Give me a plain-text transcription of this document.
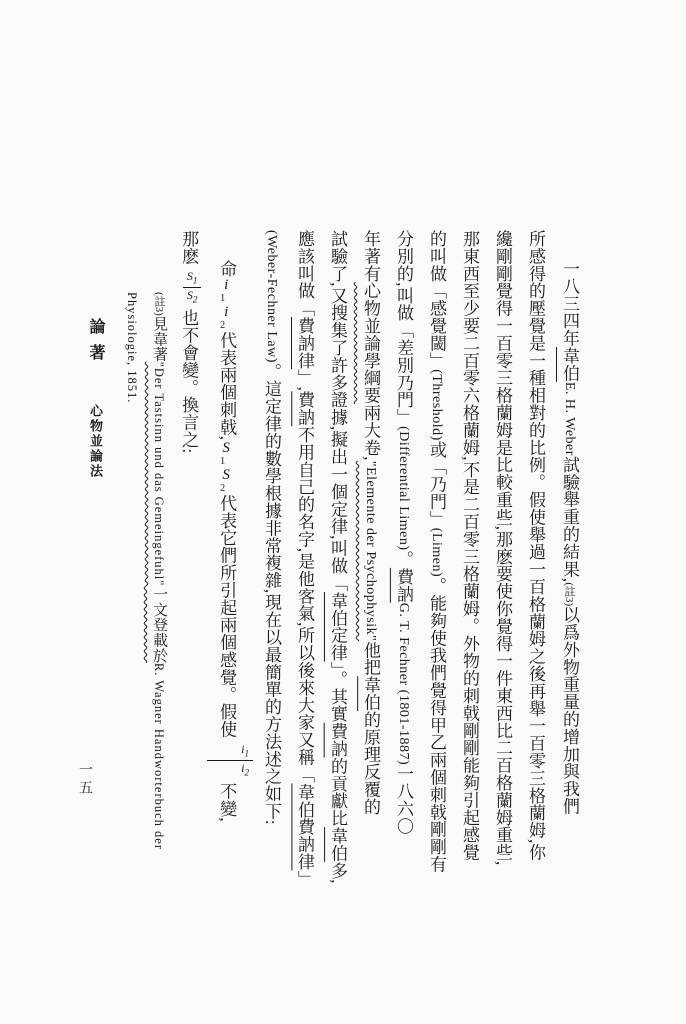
一八三四年韋伯E. H. Weber試驗舉重的結果,(註3)以爲外物重量的增加與我們
所感得的壓覺是一種相對的比例。假使舉過一百格蘭姆之後再舉一百零三格蘭姆,你
纔剛剛覺得一百零三格蘭姆是比較重些,那麽要使你覺得一件東西比二百格蘭姆重些,
那東西至少要二百零六格蘭姆,不是二百零三格蘭姆。外物的刺戟剛剛能夠引起感覺
的叫做「感覺閾」(Threshold)或「乃門」(Limen)。能夠使我們覺得甲乙兩個刺戟剛剛有
分別的,叫做「差別乃門」(Differential Limen)。費訥G. T. Fechner (1801-1887)一八六〇
年著有心物並論學綱要兩大卷,"Elemente der Psychophysik"他把韋伯的原理反覆的
試驗了,又搜集了許多證據,擬出一個定律,叫做「韋伯定律」。其實費訥的貢獻比韋伯多,
應該叫做「費訥律」,費訥不用自己的名字,是他客氣,所以後來大家又稱「韋伯費訥律」
(Weber-Fechner Law)。這定律的數學根據非常複雜,現在以最簡單的方法述之如下:
命$i_1i_2$代表兩個刺戟$,S_1S_2$代表它們所引起兩個感覺。假使
$\frac{i_1}{i_2}$
不變,
那麽
$\frac{S_1}{S_2}$
也不會變。換言之:
(註3)見韋著"Der Tastsinn und das Gemeingefuhl"一文登載於R. Wagner Handworterbuch der
Physiologie, 1851.
論著 心物並論法
一五
